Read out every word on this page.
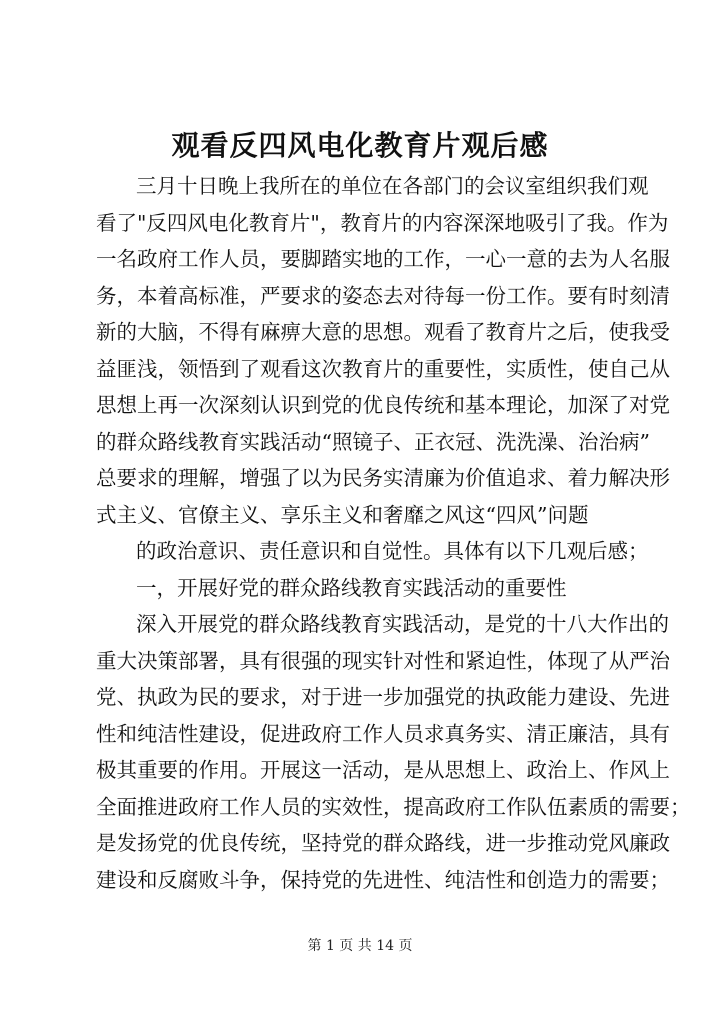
观看反四风电化教育片观后感
三月十日晚上我所在的单位在各部门的会议室组织我们观
看了"反四风电化教育片"，教育片的内容深深地吸引了我。作为
一名政府工作人员，要脚踏实地的工作，一心一意的去为人名服
务，本着高标准，严要求的姿态去对待每一份工作。要有时刻清
新的大脑，不得有麻痹大意的思想。观看了教育片之后，使我受
益匪浅，领悟到了观看这次教育片的重要性，实质性，使自己从
思想上再一次深刻认识到党的优良传统和基本理论，加深了对党
的群众路线教育实践活动“照镜子、正衣冠、洗洗澡、治治病”
总要求的理解，增强了以为民务实清廉为价值追求、着力解决形
式主义、官僚主义、享乐主义和奢靡之风这“四风”问题
的政治意识、责任意识和自觉性。具体有以下几观后感；
一，开展好党的群众路线教育实践活动的重要性
深入开展党的群众路线教育实践活动，是党的十八大作出的
重大决策部署，具有很强的现实针对性和紧迫性，体现了从严治
党、执政为民的要求，对于进一步加强党的执政能力建设、先进
性和纯洁性建设，促进政府工作人员求真务实、清正廉洁，具有
极其重要的作用。开展这一活动，是从思想上、政治上、作风上
全面推进政府工作人员的实效性，提高政府工作队伍素质的需要；
是发扬党的优良传统，坚持党的群众路线，进一步推动党风廉政
建设和反腐败斗争，保持党的先进性、纯洁性和创造力的需要；
第 1 页 共 14 页
